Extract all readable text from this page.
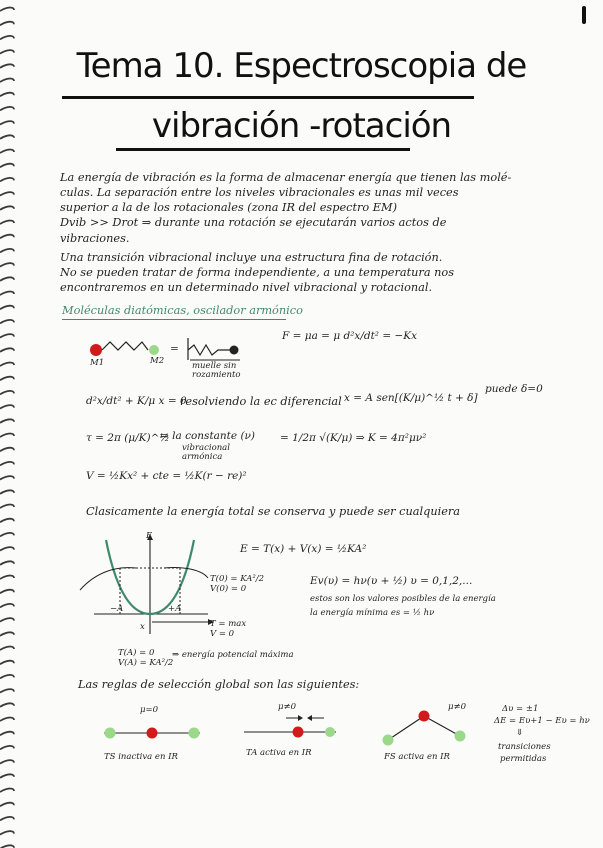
Tema 10. Espectroscopia de
vibración -rotación
La energía de vibración es la forma de almacenar energía que tienen las molé-
culas. La separación entre los niveles vibracionales es unas mil veces
superior a la de los rotacionales (zona IR del espectro EM)
Dvib >> Drot ⇒ durante una rotación se ejecutarán varios actos de
vibraciones.
Una transición vibracional incluye una estructura fina de rotación.
No se pueden tratar de forma independiente, a una temperatura nos
encontraremos en un determinado nivel vibracional y rotacional.
Moléculas diatómicas, oscilador armónico
M1	M2
=
muelle sin rozamiento
F = μa = μ d²x/dt² = −Kx
d²x/dt² + K/μ x = 0
resolviendo la ec diferencial x = A sen[(K/μ)^½ t + δ]
puede δ=0
τ = 2π (μ/K)^½
⇒ la constante (ν)
vibracional
armónica
= 1/2π √(K/μ) ⇒ K = 4π²μν²
V = ½Kx² + cte = ½K(r − re)²
Clasicamente la energía total se conserva y puede ser cualquiera
E = T(x) + V(x) = ½KA²
E
−A	+A
x
T(0) = KA²/2
V(0) = 0
T = max
V = 0
T(A) = 0
V(A) = KA²/2
⇒ energía potencial máxima
Ev(υ) = hν(υ + ½) υ = 0,1,2,...
estos son los valores posibles de la energía
la energía mínima es = ½ hν
Las reglas de selección global son las siguientes:
μ=0
TS inactiva en IR
μ≠0
TA activa en IR
μ≠0
FS activa en IR
Δυ = ±1
ΔE = Eυ+1 − Eυ = hν
⇓
transiciones
permitidas
